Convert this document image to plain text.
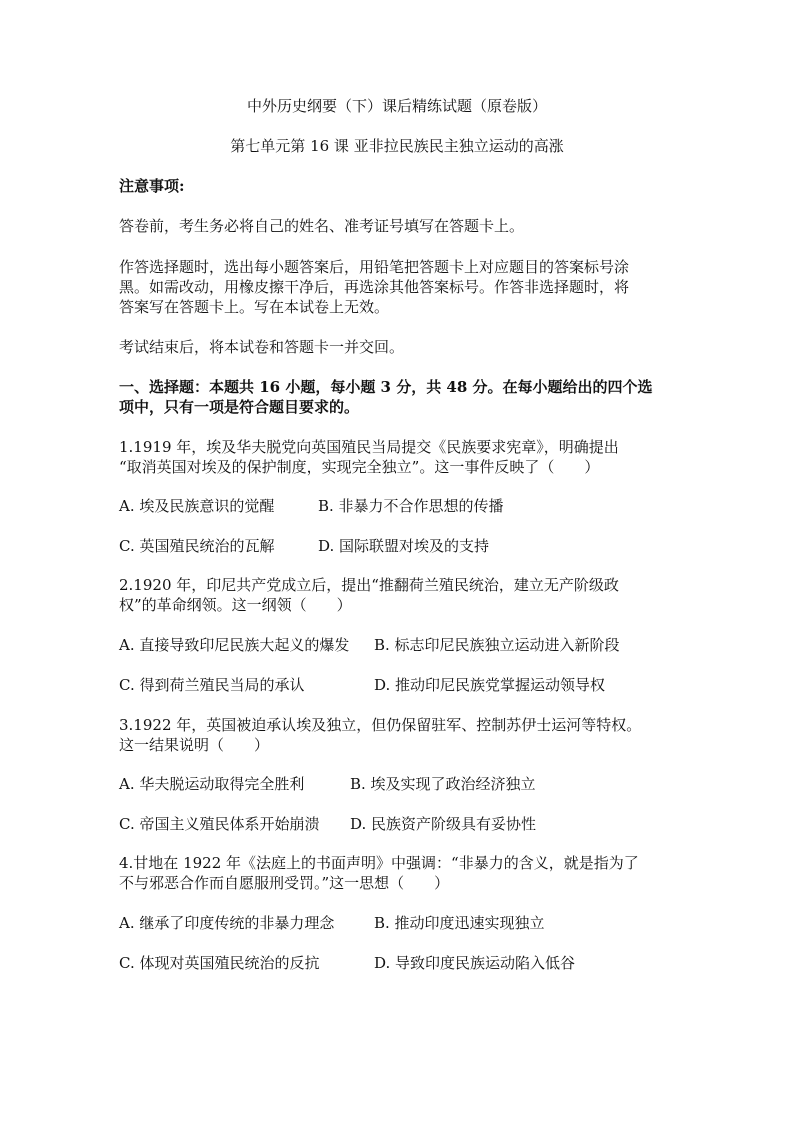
中外历史纲要（下）课后精练试题（原卷版）
第七单元第 16 课 亚非拉民族民主独立运动的高涨
注意事项:
答卷前，考生务必将自己的姓名、准考证号填写在答题卡上。
作答选择题时，选出每小题答案后，用铅笔把答题卡上对应题目的答案标号涂
黑。如需改动，用橡皮擦干净后，再选涂其他答案标号。作答非选择题时，将
答案写在答题卡上。写在本试卷上无效。
考试结束后，将本试卷和答题卡一并交回。
一、选择题：本题共 16 小题，每小题 3 分，共 48 分。在每小题给出的四个选
项中，只有一项是符合题目要求的。
1.1919 年，埃及华夫脱党向英国殖民当局提交《民族要求宪章》，明确提出
“取消英国对埃及的保护制度，实现完全独立”。这一事件反映了（　　）
A. 埃及民族意识的觉醒	B. 非暴力不合作思想的传播
C. 英国殖民统治的瓦解	D. 国际联盟对埃及的支持
2.1920 年，印尼共产党成立后，提出“推翻荷兰殖民统治，建立无产阶级政
权”的革命纲领。这一纲领（　　）
A. 直接导致印尼民族大起义的爆发 B. 标志印尼民族独立运动进入新阶段
C. 得到荷兰殖民当局的承认	D. 推动印尼民族党掌握运动领导权
3.1922 年，英国被迫承认埃及独立，但仍保留驻军、控制苏伊士运河等特权。
这一结果说明（　　）
A. 华夫脱运动取得完全胜利	B. 埃及实现了政治经济独立
C. 帝国主义殖民体系开始崩溃 D. 民族资产阶级具有妥协性
4.甘地在 1922 年《法庭上的书面声明》中强调：“非暴力的含义，就是指为了
不与邪恶合作而自愿服刑受罚。”这一思想（　　）
A. 继承了印度传统的非暴力理念	B. 推动印度迅速实现独立
C. 体现对英国殖民统治的反抗	D. 导致印度民族运动陷入低谷
